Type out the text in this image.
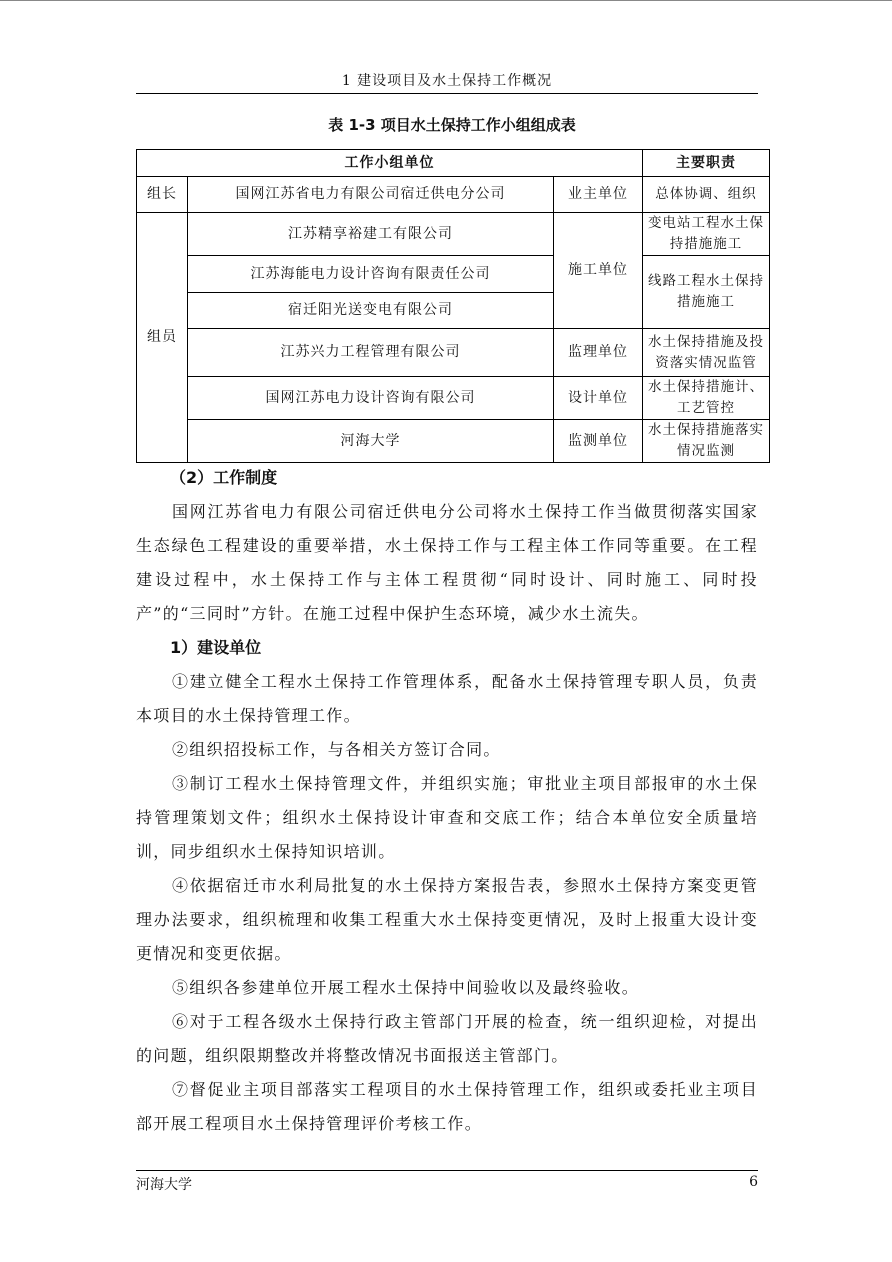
1 建设项目及水土保持工作概况
表 1-3 项目水土保持工作小组组成表
工作小组单位			主要职责
组长	国网江苏省电力有限公司宿迁供电分公司	业主单位	总体协调、组织
组员	江苏精享裕建工有限公司	施工单位	变电站工程水土保持措施施工
	江苏海能电力设计咨询有限责任公司		线路工程水土保持措施施工
	宿迁阳光送变电有限公司		
	江苏兴力工程管理有限公司	监理单位	水土保持措施及投资落实情况监管
	国网江苏电力设计咨询有限公司	设计单位	水土保持措施计、工艺管控
	河海大学	监测单位	水土保持措施落实情况监测
（2）工作制度

国网江苏省电力有限公司宿迁供电分公司将水土保持工作当做贯彻落实国家生态绿色工程建设的重要举措，水土保持工作与工程主体工作同等重要。在工程建设过程中，水土保持工作与主体工程贯彻“同时设计、同时施工、同时投产”的“三同时”方针。在施工过程中保护生态环境，减少水土流失。

1）建设单位

①建立健全工程水土保持工作管理体系，配备水土保持管理专职人员，负责本项目的水土保持管理工作。

②组织招投标工作，与各相关方签订合同。

③制订工程水土保持管理文件，并组织实施；审批业主项目部报审的水土保持管理策划文件；组织水土保持设计审查和交底工作；结合本单位安全质量培训，同步组织水土保持知识培训。

④依据宿迁市水利局批复的水土保持方案报告表，参照水土保持方案变更管理办法要求，组织梳理和收集工程重大水土保持变更情况，及时上报重大设计变更情况和变更依据。

⑤组织各参建单位开展工程水土保持中间验收以及最终验收。

⑥对于工程各级水土保持行政主管部门开展的检查，统一组织迎检，对提出的问题，组织限期整改并将整改情况书面报送主管部门。

⑦督促业主项目部落实工程项目的水土保持管理工作，组织或委托业主项目部开展工程项目水土保持管理评价考核工作。

河海大学	6
